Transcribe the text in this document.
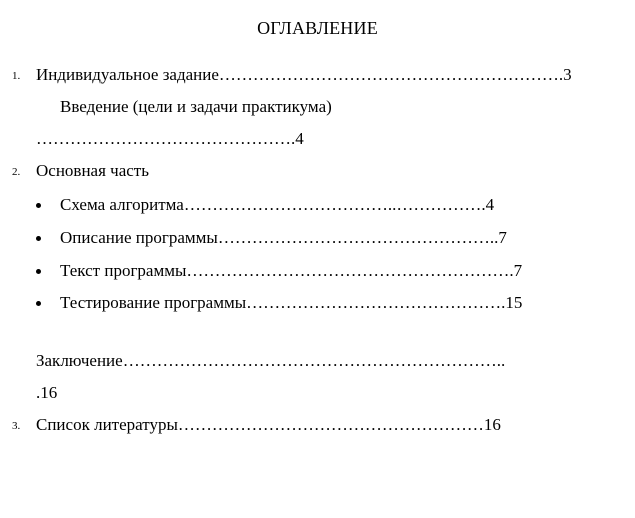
ОГЛАВЛЕНИЕ
1. Индивидуальное задание…………………………………………………….3
Введение (цели и задачи практикума)
……………………………………….4
2. Основная часть
Схема алгоритма………………………………..…………….4
Описание программы…………………………………………..7
Текст программы………………………………………………….7
Тестирование программы……………………………………….15
Заключение…………………………………………………………..
.16
3. Список литературы………………………………………………16
